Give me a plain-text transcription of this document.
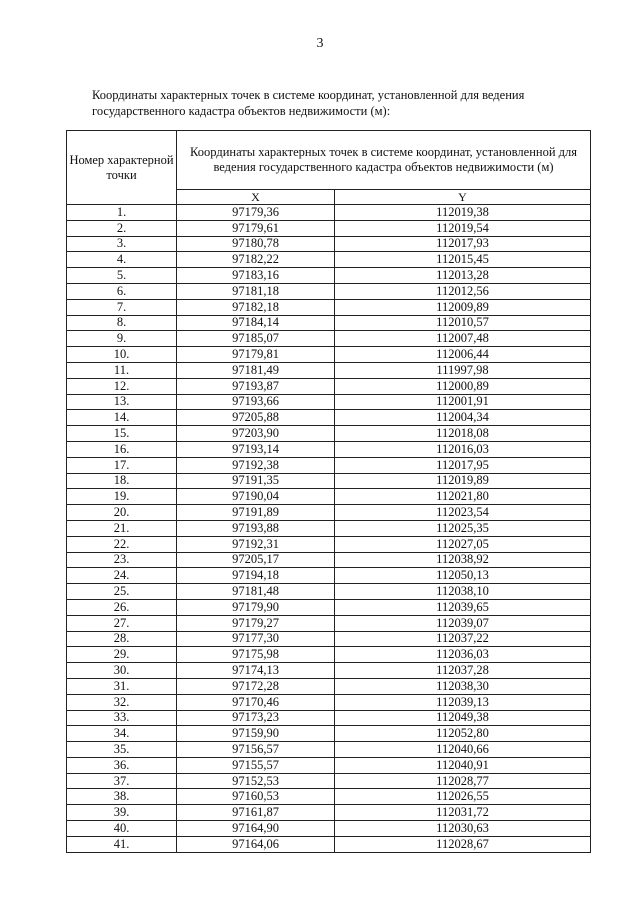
3
Координаты характерных точек в системе координат, установленной для ведения государственного кадастра объектов недвижимости (м):
Номер характерной точки	Координаты характерных точек в системе координат, установленной для ведения государственного кадастра объектов недвижимости (м)	
	X	Y
1.	97179,36	112019,38
2.	97179,61	112019,54
3.	97180,78	112017,93
4.	97182,22	112015,45
5.	97183,16	112013,28
6.	97181,18	112012,56
7.	97182,18	112009,89
8.	97184,14	112010,57
9.	97185,07	112007,48
10.	97179,81	112006,44
11.	97181,49	111997,98
12.	97193,87	112000,89
13.	97193,66	112001,91
14.	97205,88	112004,34
15.	97203,90	112018,08
16.	97193,14	112016,03
17.	97192,38	112017,95
18.	97191,35	112019,89
19.	97190,04	112021,80
20.	97191,89	112023,54
21.	97193,88	112025,35
22.	97192,31	112027,05
23.	97205,17	112038,92
24.	97194,18	112050,13
25.	97181,48	112038,10
26.	97179,90	112039,65
27.	97179,27	112039,07
28.	97177,30	112037,22
29.	97175,98	112036,03
30.	97174,13	112037,28
31.	97172,28	112038,30
32.	97170,46	112039,13
33.	97173,23	112049,38
34.	97159,90	112052,80
35.	97156,57	112040,66
36.	97155,57	112040,91
37.	97152,53	112028,77
38.	97160,53	112026,55
39.	97161,87	112031,72
40.	97164,90	112030,63
41.	97164,06	112028,67
